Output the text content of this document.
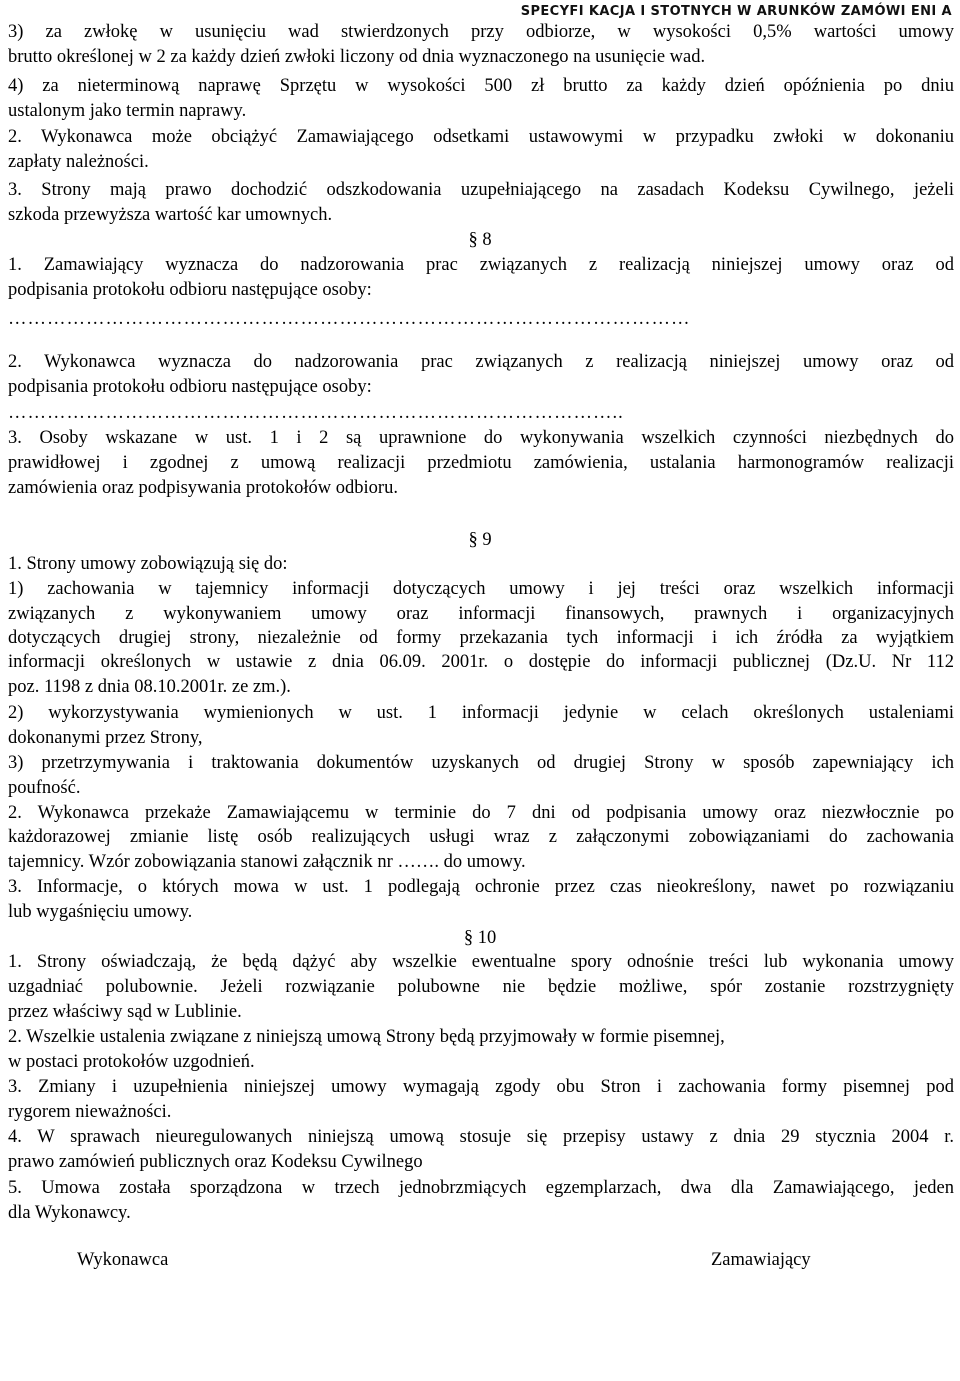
SPECYFI KACJA I STOTNYCH W ARUNKÓW ZAMÓWI ENI A
3) za zwłokę w usunięciu wad stwierdzonych przy odbiorze, w wysokości 0,5% wartości umowy
brutto określonej w 2 za każdy dzień zwłoki liczony od dnia wyznaczonego na usunięcie wad.
4) za nieterminową naprawę Sprzętu w wysokości 500 zł brutto za każdy dzień opóźnienia po dniu
ustalonym jako termin naprawy.
2. Wykonawca może obciążyć Zamawiającego odsetkami ustawowymi w przypadku zwłoki w dokonaniu
zapłaty należności.
3. Strony mają prawo dochodzić odszkodowania uzupełniającego na zasadach Kodeksu Cywilnego, jeżeli
szkoda przewyższa wartość kar umownych.
§ 8
1. Zamawiający wyznacza do nadzorowania prac związanych z realizacją niniejszej umowy oraz od
podpisania protokołu odbioru następujące osoby:
……………………………………………………………………………………………
2. Wykonawca wyznacza do nadzorowania prac związanych z realizacją niniejszej umowy oraz od
podpisania protokołu odbioru następujące osoby:
…………………………………………………………………………………..
3. Osoby wskazane w ust. 1 i 2 są uprawnione do wykonywania wszelkich czynności niezbędnych do
prawidłowej i zgodnej z umową realizacji przedmiotu zamówienia, ustalania harmonogramów realizacji
zamówienia oraz podpisywania protokołów odbioru.
§ 9
1. Strony umowy zobowiązują się do:
1) zachowania w tajemnicy informacji dotyczących umowy i jej treści oraz wszelkich informacji
związanych z wykonywaniem umowy oraz informacji finansowych, prawnych i organizacyjnych
dotyczących drugiej strony, niezależnie od formy przekazania tych informacji i ich źródła za wyjątkiem
informacji określonych w ustawie z dnia 06.09. 2001r. o dostępie do informacji publicznej (Dz.U. Nr 112
poz. 1198 z dnia 08.10.2001r. ze zm.).
2) wykorzystywania wymienionych w ust. 1 informacji jedynie w celach określonych ustaleniami
dokonanymi przez Strony,
3) przetrzymywania i traktowania dokumentów uzyskanych od drugiej Strony w sposób zapewniający ich
poufność.
2. Wykonawca przekaże Zamawiającemu w terminie do 7 dni od podpisania umowy oraz niezwłocznie po
każdorazowej zmianie listę osób realizujących usługi wraz z załączonymi zobowiązaniami do zachowania
tajemnicy. Wzór zobowiązania stanowi załącznik nr ……. do umowy.
3. Informacje, o których mowa w ust. 1 podlegają ochronie przez czas nieokreślony, nawet po rozwiązaniu
lub wygaśnięciu umowy.
§ 10
1. Strony oświadczają, że będą dążyć aby wszelkie ewentualne spory odnośnie treści lub wykonania umowy
uzgadniać polubownie. Jeżeli rozwiązanie polubowne nie będzie możliwe, spór zostanie rozstrzygnięty
przez właściwy sąd w Lublinie.
2. Wszelkie ustalenia związane z niniejszą umową Strony będą przyjmowały w formie pisemnej,
w postaci protokołów uzgodnień.
3. Zmiany i uzupełnienia niniejszej umowy wymagają zgody obu Stron i zachowania formy pisemnej pod
rygorem nieważności.
4. W sprawach nieuregulowanych niniejszą umową stosuje się przepisy ustawy z dnia 29 stycznia 2004 r.
prawo zamówień publicznych oraz Kodeksu Cywilnego
5. Umowa została sporządzona w trzech jednobrzmiących egzemplarzach, dwa dla Zamawiającego, jeden
dla Wykonawcy.
Wykonawca	Zamawiający
